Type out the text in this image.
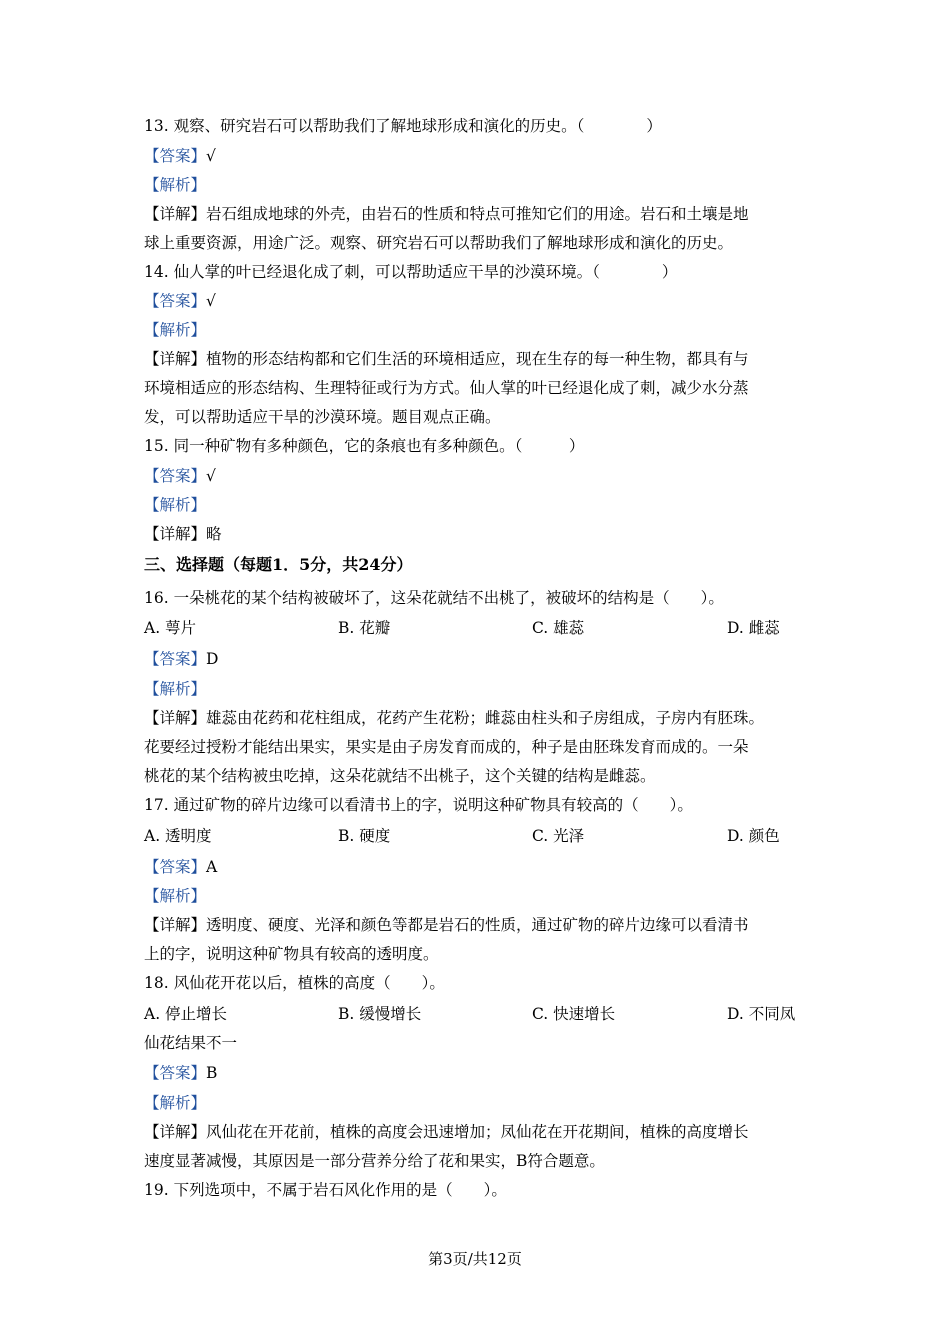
13. 观察、研究岩石可以帮助我们了解地球形成和演化的历史。（　　　　）
【答案】√
【解析】
【详解】岩石组成地球的外壳，由岩石的性质和特点可推知它们的用途。岩石和土壤是地
球上重要资源，用途广泛。观察、研究岩石可以帮助我们了解地球形成和演化的历史。
14. 仙人掌的叶已经退化成了刺，可以帮助适应干旱的沙漠环境。（　　　　）
【答案】√
【解析】
【详解】植物的形态结构都和它们生活的环境相适应，现在生存的每一种生物，都具有与
环境相适应的形态结构、生理特征或行为方式。仙人掌的叶已经退化成了刺，减少水分蒸
发，可以帮助适应干旱的沙漠环境。题目观点正确。
15. 同一种矿物有多种颜色，它的条痕也有多种颜色。（　　　）
【答案】√
【解析】
【详解】略
三、选择题（每题1．5分，共24分）
16. 一朵桃花的某个结构被破坏了，这朵花就结不出桃了，被破坏的结构是（　　）。
A. 萼片	B. 花瓣	C. 雄蕊	D. 雌蕊
【答案】D
【解析】
【详解】雄蕊由花药和花柱组成，花药产生花粉；雌蕊由柱头和子房组成，子房内有胚珠。
花要经过授粉才能结出果实，果实是由子房发育而成的，种子是由胚珠发育而成的。一朵
桃花的某个结构被虫吃掉，这朵花就结不出桃子，这个关键的结构是雌蕊。
17. 通过矿物的碎片边缘可以看清书上的字，说明这种矿物具有较高的（　　）。
A. 透明度	B. 硬度	C. 光泽	D. 颜色
【答案】A
【解析】
【详解】透明度、硬度、光泽和颜色等都是岩石的性质，通过矿物的碎片边缘可以看清书
上的字，说明这种矿物具有较高的透明度。
18. 风仙花开花以后，植株的高度（　　）。
A. 停止增长	B. 缓慢增长	C. 快速增长	D. 不同凤
仙花结果不一
【答案】B
【解析】
【详解】风仙花在开花前，植株的高度会迅速增加；凤仙花在开花期间，植株的高度增长
速度显著减慢，其原因是一部分营养分给了花和果实，B符合题意。
19. 下列选项中，不属于岩石风化作用的是（　　）。
第3页/共12页
